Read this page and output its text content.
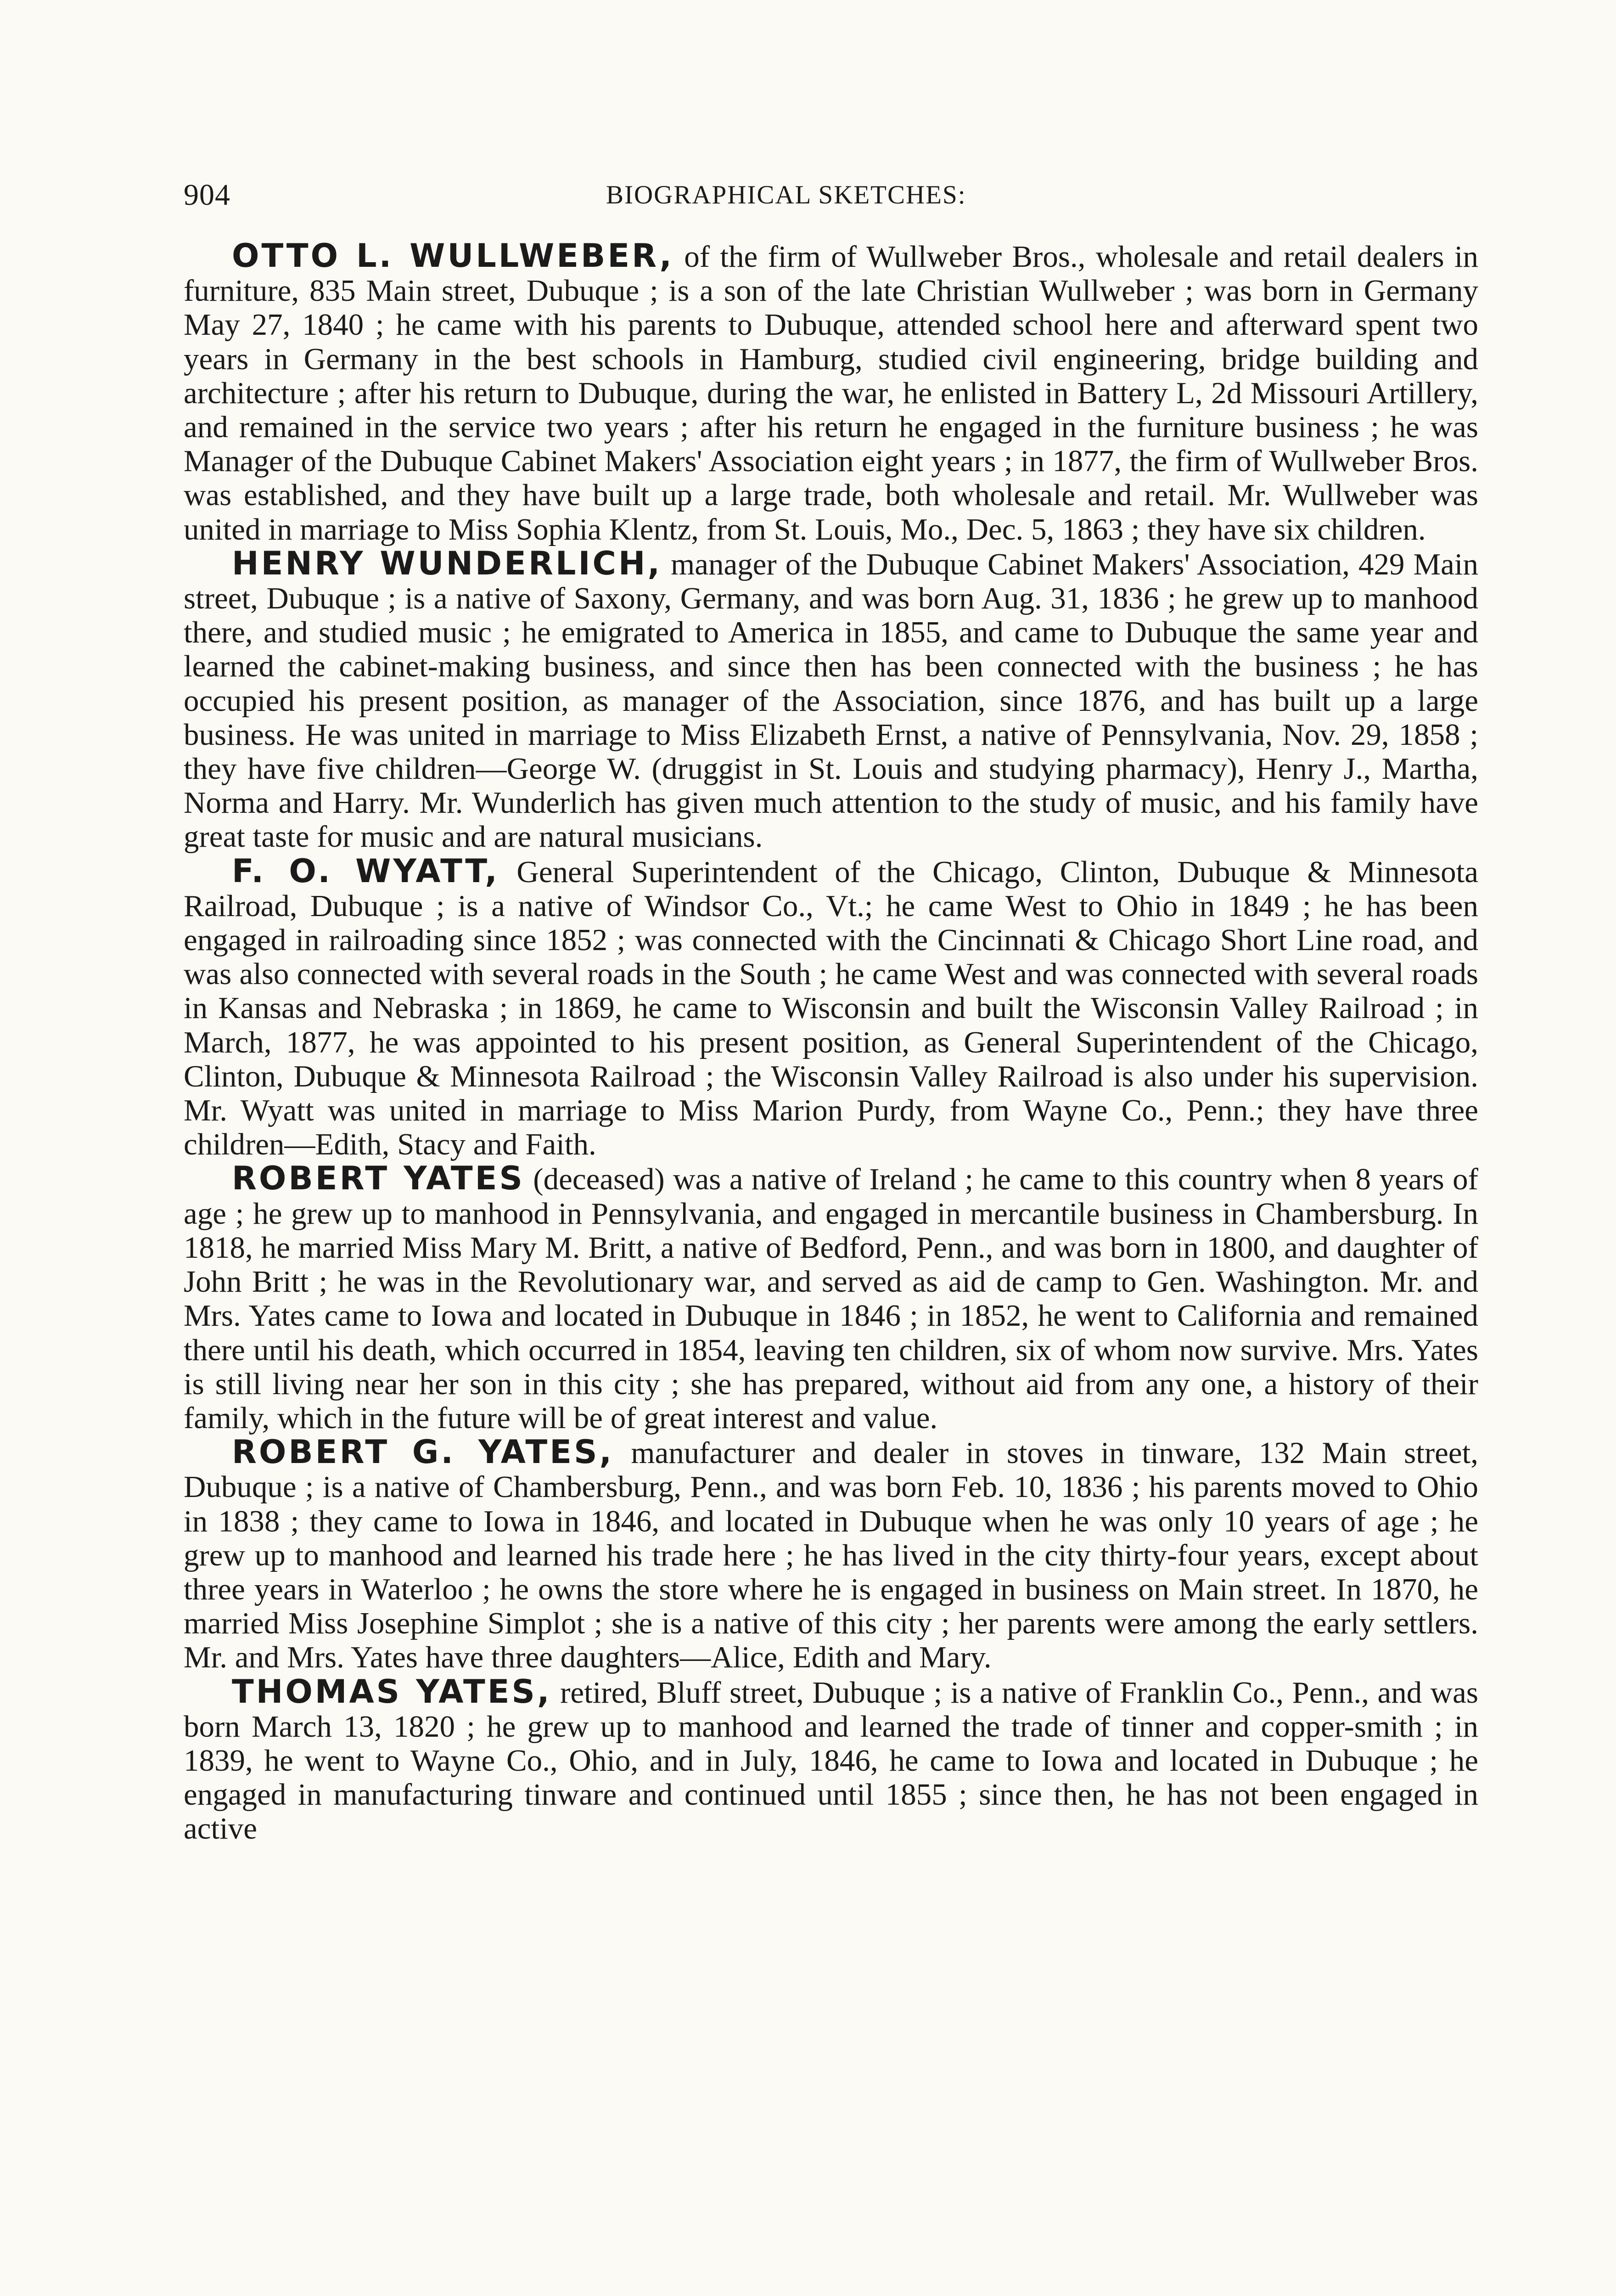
904	BIOGRAPHICAL SKETCHES:

OTTO L. WULLWEBER, of the firm of Wullweber Bros., wholesale and retail dealers in furniture, 835 Main street, Dubuque ; is a son of the late Christian Wullweber ; was born in Germany May 27, 1840 ; he came with his parents to Dubuque, attended school here and afterward spent two years in Germany in the best schools in Hamburg, studied civil engineering, bridge building and architecture ; after his return to Dubuque, during the war, he enlisted in Battery L, 2d Missouri Artillery, and remained in the service two years ; after his return he engaged in the furniture business ; he was Manager of the Dubuque Cabinet Makers' Association eight years ; in 1877, the firm of Wullweber Bros. was established, and they have built up a large trade, both wholesale and retail. Mr. Wullweber was united in marriage to Miss Sophia Klentz, from St. Louis, Mo., Dec. 5, 1863 ; they have six children.

HENRY WUNDERLICH, manager of the Dubuque Cabinet Makers' Association, 429 Main street, Dubuque ; is a native of Saxony, Germany, and was born Aug. 31, 1836 ; he grew up to manhood there, and studied music ; he emigrated to America in 1855, and came to Dubuque the same year and learned the cabinet-making business, and since then has been connected with the business ; he has occupied his present position, as manager of the Association, since 1876, and has built up a large business. He was united in marriage to Miss Elizabeth Ernst, a native of Pennsylvania, Nov. 29, 1858 ; they have five children—George W. (druggist in St. Louis and studying pharmacy), Henry J., Martha, Norma and Harry. Mr. Wunderlich has given much attention to the study of music, and his family have great taste for music and are natural musicians.

F. O. WYATT, General Superintendent of the Chicago, Clinton, Dubuque & Minnesota Railroad, Dubuque ; is a native of Windsor Co., Vt.; he came West to Ohio in 1849 ; he has been engaged in railroading since 1852 ; was connected with the Cincinnati & Chicago Short Line road, and was also connected with several roads in the South ; he came West and was connected with several roads in Kansas and Nebraska ; in 1869, he came to Wisconsin and built the Wisconsin Valley Railroad ; in March, 1877, he was appointed to his present position, as General Superintendent of the Chicago, Clinton, Dubuque & Minnesota Railroad ; the Wisconsin Valley Railroad is also under his supervision. Mr. Wyatt was united in marriage to Miss Marion Purdy, from Wayne Co., Penn.; they have three children—Edith, Stacy and Faith.

ROBERT YATES (deceased) was a native of Ireland ; he came to this country when 8 years of age ; he grew up to manhood in Pennsylvania, and engaged in mercantile business in Chambersburg. In 1818, he married Miss Mary M. Britt, a native of Bedford, Penn., and was born in 1800, and daughter of John Britt ; he was in the Revolutionary war, and served as aid de camp to Gen. Washington. Mr. and Mrs. Yates came to Iowa and located in Dubuque in 1846 ; in 1852, he went to California and remained there until his death, which occurred in 1854, leaving ten children, six of whom now survive. Mrs. Yates is still living near her son in this city ; she has prepared, without aid from any one, a history of their family, which in the future will be of great interest and value.

ROBERT G. YATES, manufacturer and dealer in stoves in tinware, 132 Main street, Dubuque ; is a native of Chambersburg, Penn., and was born Feb. 10, 1836 ; his parents moved to Ohio in 1838 ; they came to Iowa in 1846, and located in Dubuque when he was only 10 years of age ; he grew up to manhood and learned his trade here ; he has lived in the city thirty-four years, except about three years in Waterloo ; he owns the store where he is engaged in business on Main street. In 1870, he married Miss Josephine Simplot ; she is a native of this city ; her parents were among the early settlers. Mr. and Mrs. Yates have three daughters—Alice, Edith and Mary.

THOMAS YATES, retired, Bluff street, Dubuque ; is a native of Franklin Co., Penn., and was born March 13, 1820 ; he grew up to manhood and learned the trade of tinner and copper-smith ; in 1839, he went to Wayne Co., Ohio, and in July, 1846, he came to Iowa and located in Dubuque ; he engaged in manufacturing tinware and continued until 1855 ; since then, he has not been engaged in active
